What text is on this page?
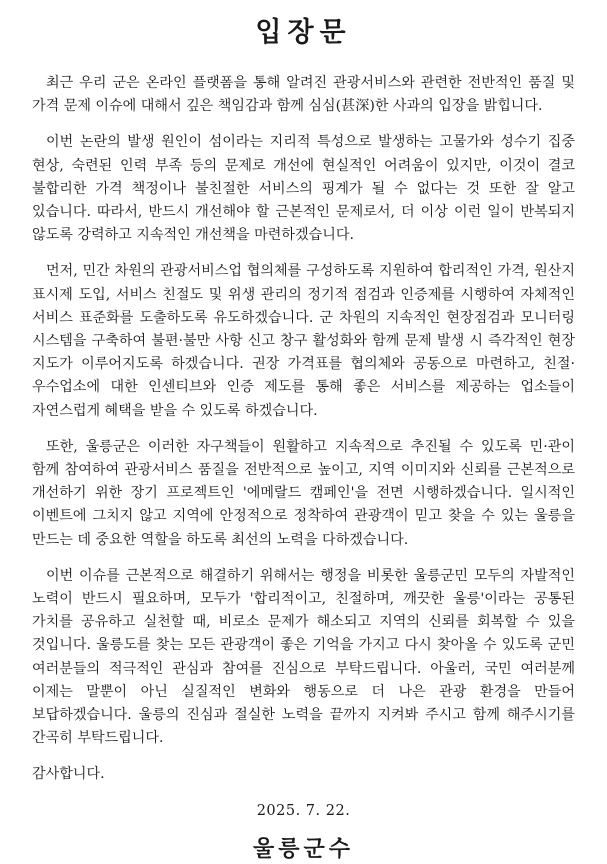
입장문

최근 우리 군은 온라인 플랫폼을 통해 알려진 관광서비스와 관련한 전반적인 품질 및 가격 문제 이슈에 대해서 깊은 책임감과 함께 심심(甚深)한 사과의 입장을 밝힙니다.

이번 논란의 발생 원인이 섬이라는 지리적 특성으로 발생하는 고물가와 성수기 집중 현상, 숙련된 인력 부족 등의 문제로 개선에 현실적인 어려움이 있지만, 이것이 결코 불합리한 가격 책정이나 불친절한 서비스의 핑계가 될 수 없다는 것 또한 잘 알고 있습니다. 따라서, 반드시 개선해야 할 근본적인 문제로서, 더 이상 이런 일이 반복되지 않도록 강력하고 지속적인 개선책을 마련하겠습니다.

먼저, 민간 차원의 관광서비스업 협의체를 구성하도록 지원하여 합리적인 가격, 원산지 표시제 도입, 서비스 친절도 및 위생 관리의 정기적 점검과 인증제를 시행하여 자체적인 서비스 표준화를 도출하도록 유도하겠습니다. 군 차원의 지속적인 현장점검과 모니터링 시스템을 구축하여 불편·불만 사항 신고 창구 활성화와 함께 문제 발생 시 즉각적인 현장 지도가 이루어지도록 하겠습니다. 권장 가격표를 협의체와 공동으로 마련하고, 친절·우수업소에 대한 인센티브와 인증 제도를 통해 좋은 서비스를 제공하는 업소들이 자연스럽게 혜택을 받을 수 있도록 하겠습니다.

또한, 울릉군은 이러한 자구책들이 원활하고 지속적으로 추진될 수 있도록 민·관이 함께 참여하여 관광서비스 품질을 전반적으로 높이고, 지역 이미지와 신뢰를 근본적으로 개선하기 위한 장기 프로젝트인 '에메랄드 캠페인'을 전면 시행하겠습니다. 일시적인 이벤트에 그치지 않고 지역에 안정적으로 정착하여 관광객이 믿고 찾을 수 있는 울릉을 만드는 데 중요한 역할을 하도록 최선의 노력을 다하겠습니다.

이번 이슈를 근본적으로 해결하기 위해서는 행정을 비롯한 울릉군민 모두의 자발적인 노력이 반드시 필요하며, 모두가 '합리적이고, 친절하며, 깨끗한 울릉'이라는 공통된 가치를 공유하고 실천할 때, 비로소 문제가 해소되고 지역의 신뢰를 회복할 수 있을 것입니다. 울릉도를 찾는 모든 관광객이 좋은 기억을 가지고 다시 찾아올 수 있도록 군민 여러분들의 적극적인 관심과 참여를 진심으로 부탁드립니다. 아울러, 국민 여러분께 이제는 말뿐이 아닌 실질적인 변화와 행동으로 더 나은 관광 환경을 만들어 보답하겠습니다. 울릉의 진심과 절실한 노력을 끝까지 지켜봐 주시고 함께 해주시기를 간곡히 부탁드립니다.

감사합니다.

2025. 7. 22.
울릉군수
